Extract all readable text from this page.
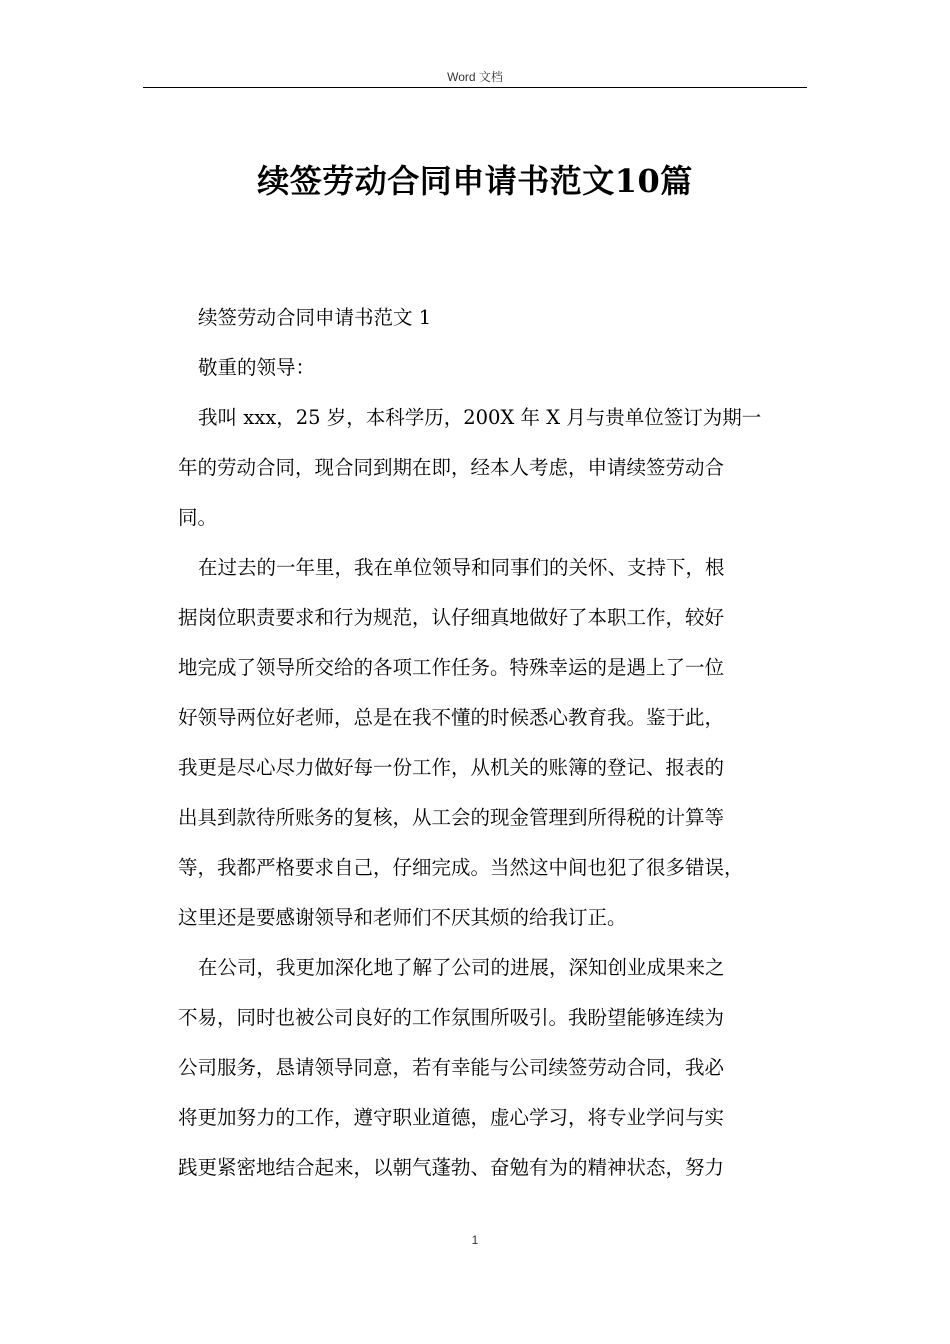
Word 文档
续签劳动合同申请书范文10篇
续签劳动合同申请书范文 1
敬重的领导：
我叫 xxx，25 岁，本科学历，200X 年 X 月与贵单位签订为期一
年的劳动合同，现合同到期在即，经本人考虑，申请续签劳动合
同。
在过去的一年里，我在单位领导和同事们的关怀、支持下，根
据岗位职责要求和行为规范，认仔细真地做好了本职工作，较好
地完成了领导所交给的各项工作任务。特殊幸运的是遇上了一位
好领导两位好老师，总是在我不懂的时候悉心教育我。鉴于此，
我更是尽心尽力做好每一份工作，从机关的账簿的登记、报表的
出具到款待所账务的复核，从工会的现金管理到所得税的计算等
等，我都严格要求自己，仔细完成。当然这中间也犯了很多错误，
这里还是要感谢领导和老师们不厌其烦的给我订正。
在公司，我更加深化地了解了公司的进展，深知创业成果来之
不易，同时也被公司良好的工作氛围所吸引。我盼望能够连续为
公司服务，恳请领导同意，若有幸能与公司续签劳动合同，我必
将更加努力的工作，遵守职业道德，虚心学习，将专业学问与实
践更紧密地结合起来，以朝气蓬勃、奋勉有为的精神状态，努力
1
